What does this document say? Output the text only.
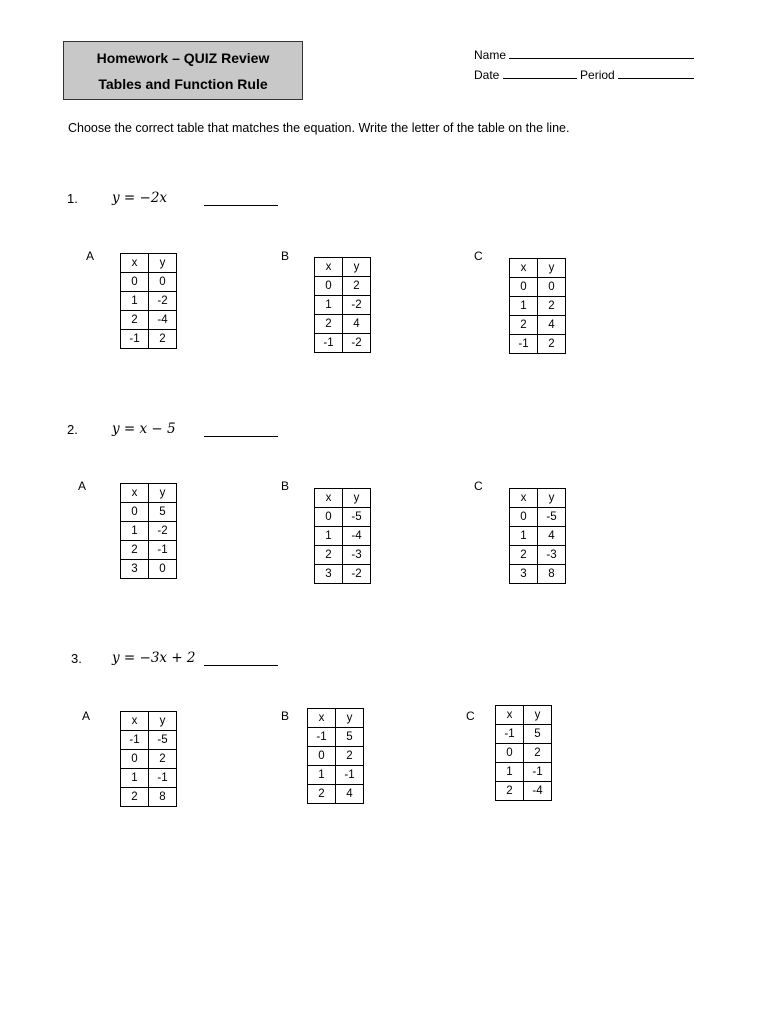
Homework – QUIZ Review
Tables and Function Rule
Name
Date	Period
Choose the correct table that matches the equation. Write the letter of the table on the line.
1.	y = −2x
A	x	y
0	0
1	-2
2	-4
-1	2
B
x	y
0	2
1	-2
2	4
-1	-2
C
x	y
0	0
1	2
2	4
-1	2
2.	y = x − 5
A	x	y
0	5
1	-2
2	-1
3	0
B
x	y
0	-5
1	-4
2	-3
3	-2
C
x	y
0	-5
1	4
2	-3
3	8
3. y = −3x + 2
A	x	y
-1	-5
0	2
1	-1
2	8
B	x	y
-1	5
0	2
1	-1
2	4
C	x	y
-1	5
0	2
1	-1
2	-4
